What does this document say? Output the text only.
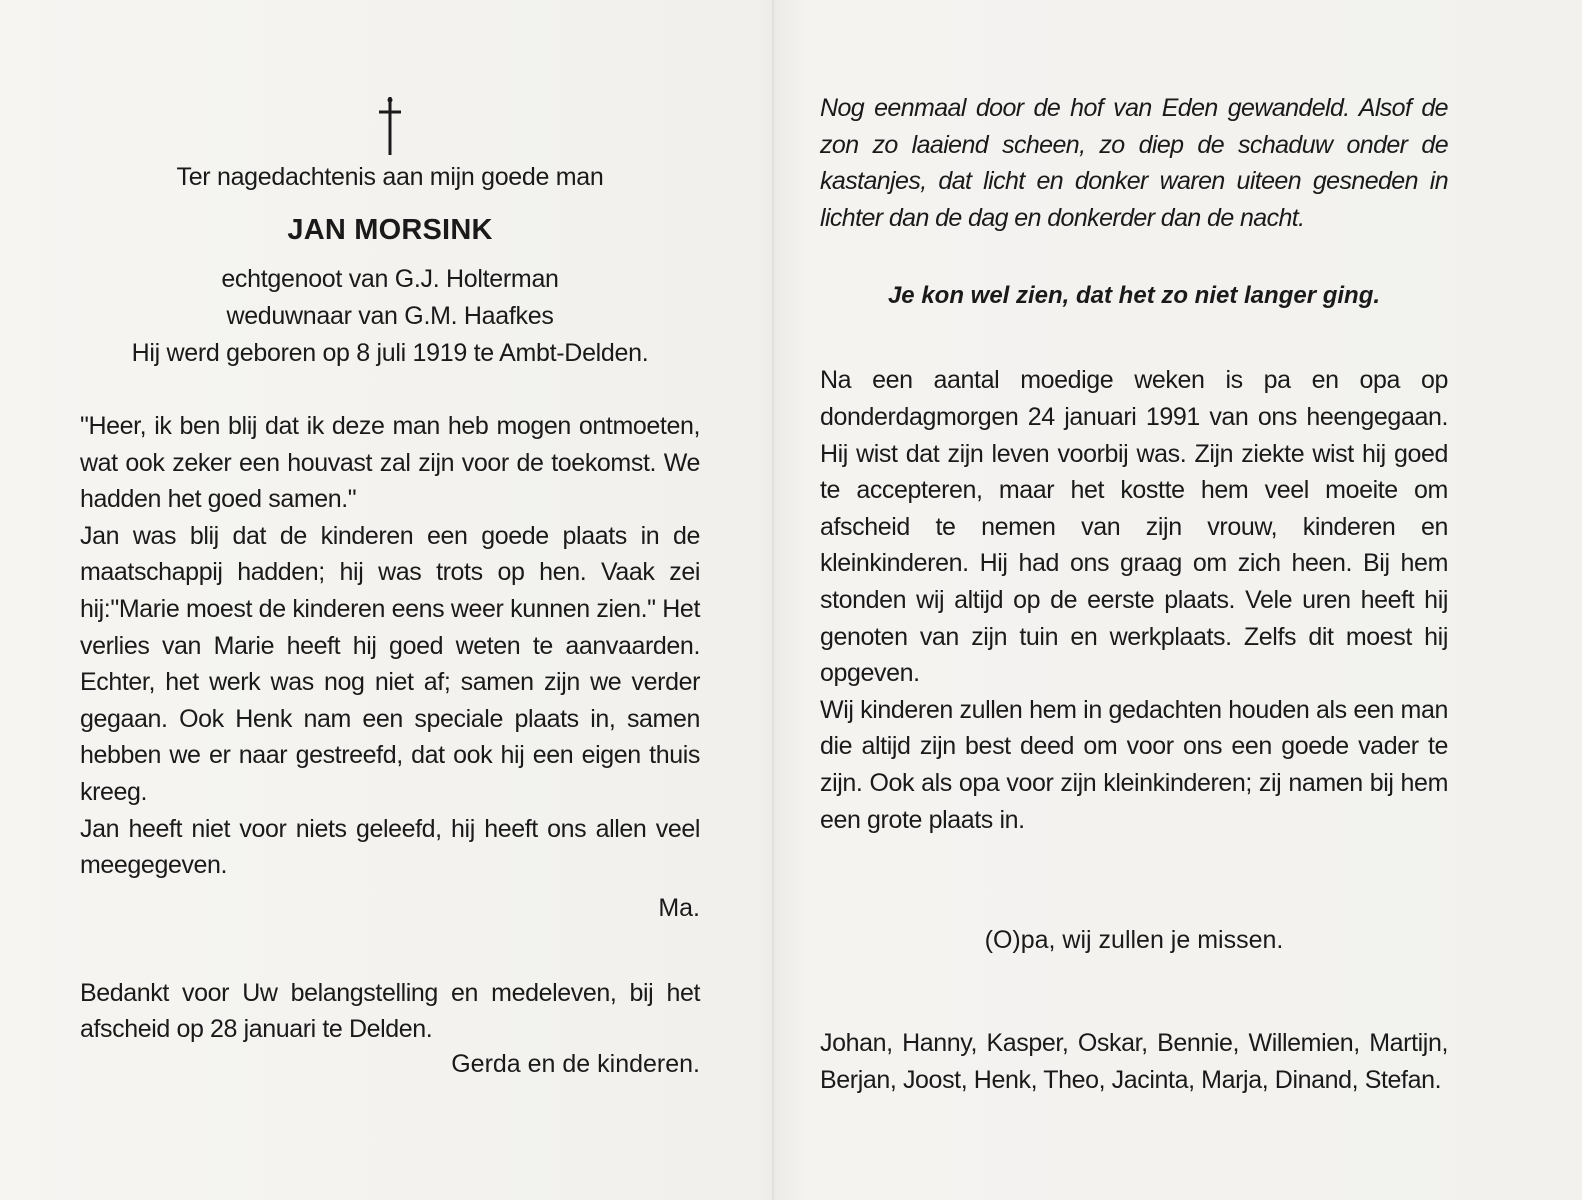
Ter nagedachtenis aan mijn goede man

JAN MORSINK

echtgenoot van G.J. Holterman

weduwnaar van G.M. Haafkes

Hij werd geboren op 8 juli 1919 te Ambt-Delden.

"Heer, ik ben blij dat ik deze man heb mogen ontmoeten, wat ook zeker een houvast zal zijn voor de toekomst. We hadden het goed samen."

Jan was blij dat de kinderen een goede plaats in de maatschappij hadden; hij was trots op hen. Vaak zei hij:"Marie moest de kinderen eens weer kunnen zien." Het verlies van Marie heeft hij goed weten te aanvaarden. Echter, het werk was nog niet af; samen zijn we verder gegaan. Ook Henk nam een speciale plaats in, samen hebben we er naar gestreefd, dat ook hij een eigen thuis kreeg.

Jan heeft niet voor niets geleefd, hij heeft ons allen veel meegegeven.

Ma.

Bedankt voor Uw belangstelling en medeleven, bij het afscheid op 28 januari te Delden.

Gerda en de kinderen.

Nog eenmaal door de hof van Eden gewandeld. Alsof de zon zo laaiend scheen, zo diep de schaduw onder de kastanjes, dat licht en donker waren uiteen gesneden in lichter dan de dag en donkerder dan de nacht.

Je kon wel zien, dat het zo niet langer ging.

Na een aantal moedige weken is pa en opa op donderdagmorgen 24 januari 1991 van ons heengegaan. Hij wist dat zijn leven voorbij was. Zijn ziekte wist hij goed te accepteren, maar het kostte hem veel moeite om afscheid te nemen van zijn vrouw, kinderen en kleinkinderen. Hij had ons graag om zich heen. Bij hem stonden wij altijd op de eerste plaats. Vele uren heeft hij genoten van zijn tuin en werkplaats. Zelfs dit moest hij opgeven.

Wij kinderen zullen hem in gedachten houden als een man die altijd zijn best deed om voor ons een goede vader te zijn. Ook als opa voor zijn kleinkinderen; zij namen bij hem een grote plaats in.

(O)pa, wij zullen je missen.

Johan, Hanny, Kasper, Oskar, Bennie, Willemien, Martijn, Berjan, Joost, Henk, Theo, Jacinta, Marja, Dinand, Stefan.
